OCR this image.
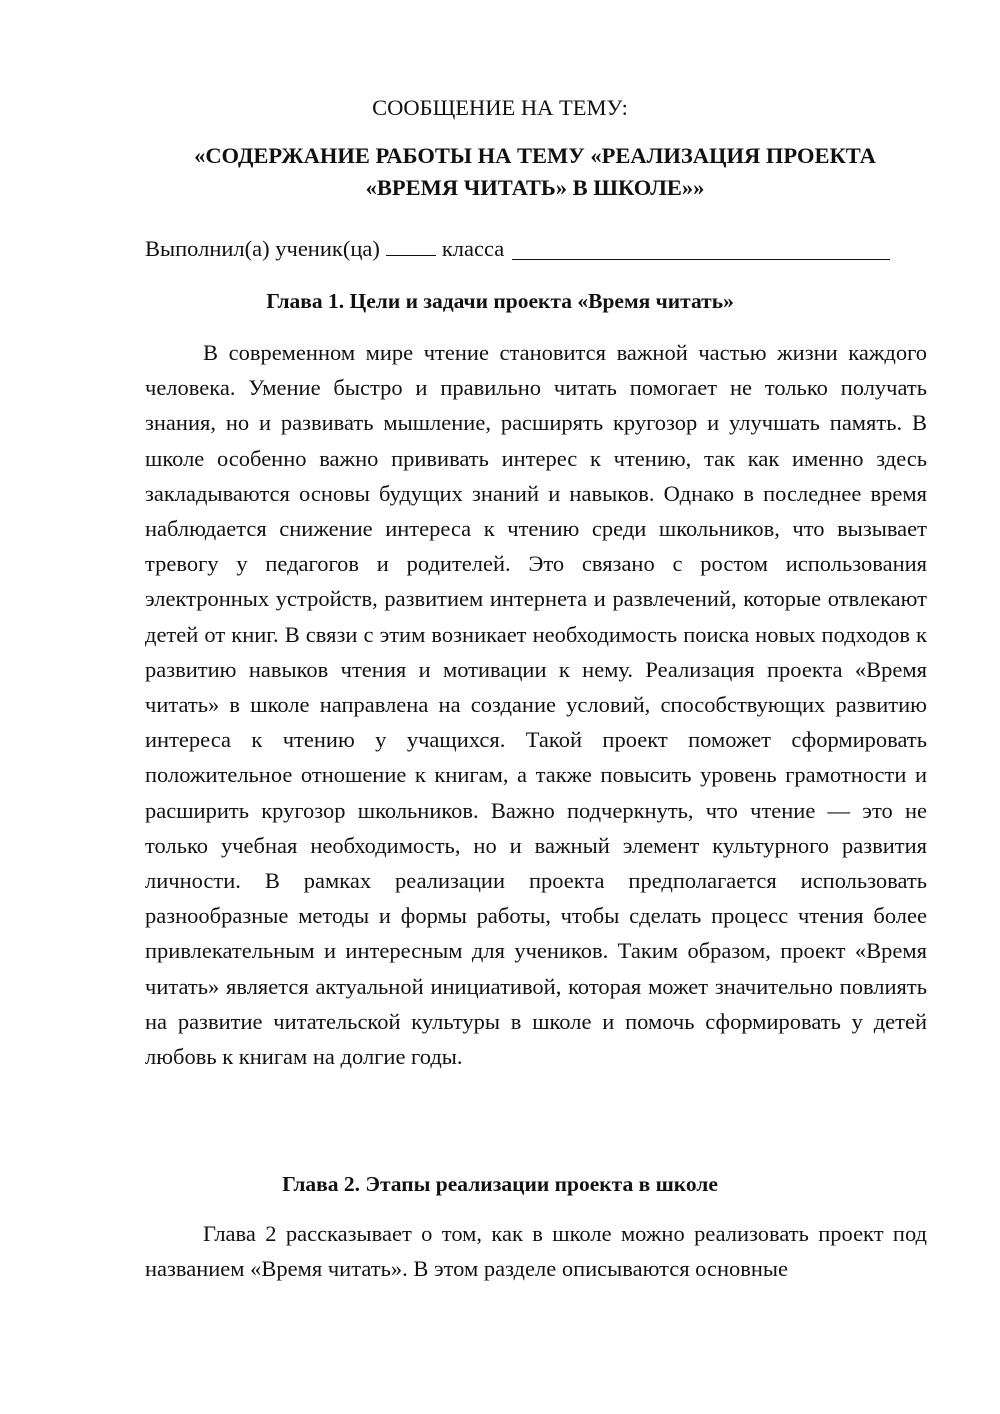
СООБЩЕНИЕ НА ТЕМУ:

«СОДЕРЖАНИЕ РАБОТЫ НА ТЕМУ «РЕАЛИЗАЦИЯ ПРОЕКТА
«ВРЕМЯ ЧИТАТЬ» В ШКОЛЕ»»
Выполнил(а) ученик(ца)	класса
Глава 1. Цели и задачи проекта «Время читать»

В современном мире чтение становится важной частью жизни каждого человека. Умение быстро и правильно читать помогает не только получать знания, но и развивать мышление, расширять кругозор и улучшать память. В школе особенно важно прививать интерес к чтению, так как именно здесь закладываются основы будущих знаний и навыков. Однако в последнее время наблюдается снижение интереса к чтению среди школьников, что вызывает тревогу у педагогов и родителей. Это связано с ростом использования электронных устройств, развитием интернета и развлечений, которые отвлекают детей от книг. В связи с этим возникает необходимость поиска новых подходов к развитию навыков чтения и мотивации к нему. Реализация проекта «Время читать» в школе направлена на создание условий, способствующих развитию интереса к чтению у учащихся. Такой проект поможет сформировать положительное отношение к книгам, а также повысить уровень грамотности и расширить кругозор школьников. Важно подчеркнуть, что чтение — это не только учебная необходимость, но и важный элемент культурного развития личности. В рамках реализации проекта предполагается использовать разнообразные методы и формы работы, чтобы сделать процесс чтения более привлекательным и интересным для учеников. Таким образом, проект «Время читать» является актуальной инициативой, которая может значительно повлиять на развитие читательской культуры в школе и помочь сформировать у детей любовь к книгам на долгие годы.

Глава 2. Этапы реализации проекта в школе

Глава 2 рассказывает о том, как в школе можно реализовать проект под названием «Время читать». В этом разделе описываются основные
